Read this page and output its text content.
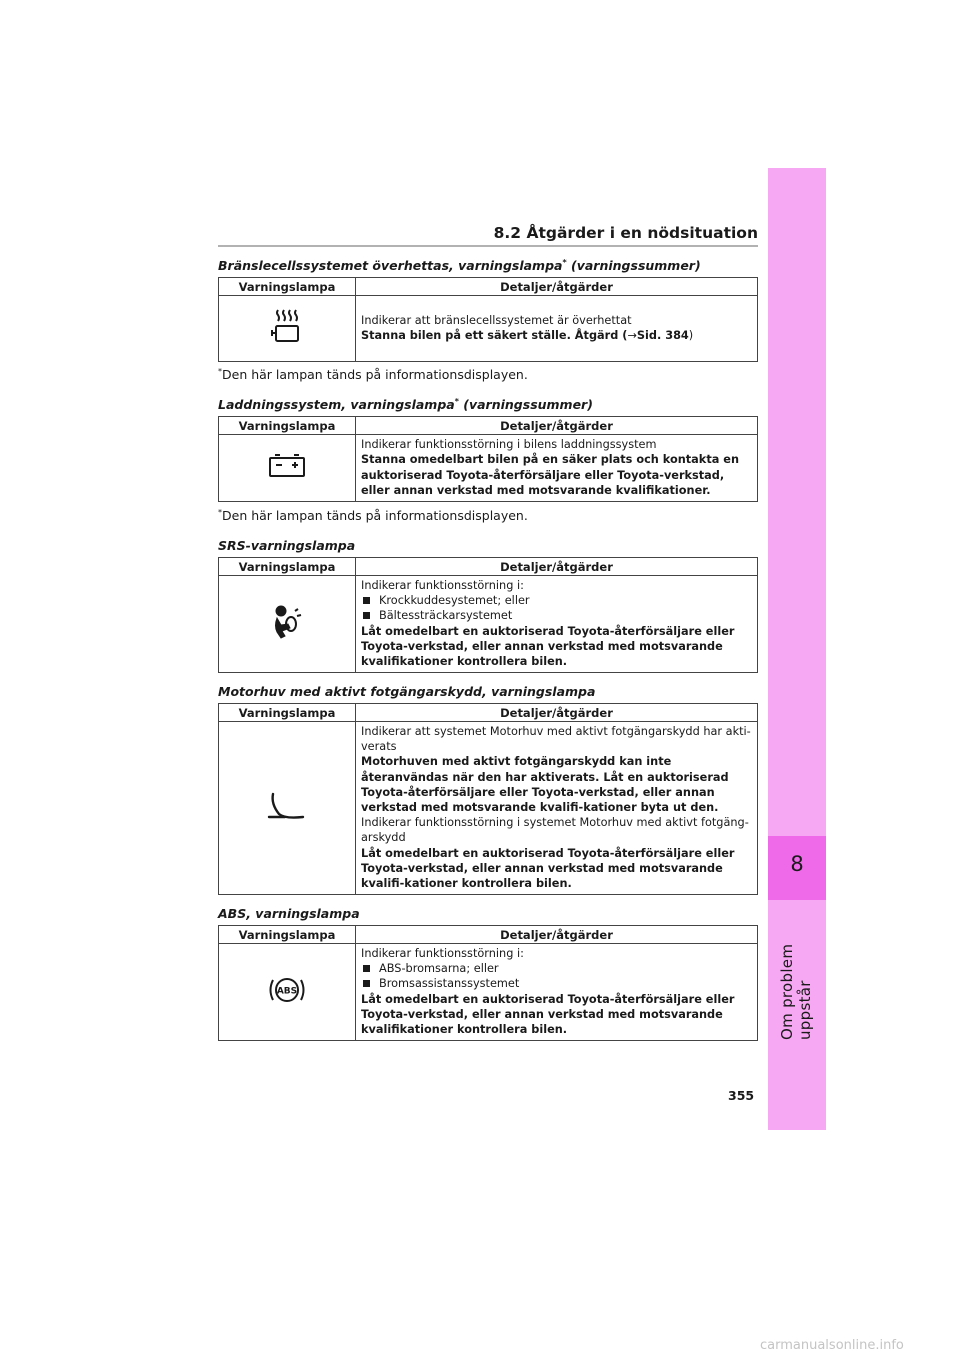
8
Om problem uppstår
8.2 Åtgärder i en nödsituation
Bränslecellssystemet överhettas, varningslampa* (varningssummer)
Varningslampa	Detaljer/åtgärder
	Indikerar att bränslecellssystemet är överhettat
Stanna bilen på ett säkert ställe. Åtgärd (→Sid. 384)
*Den här lampan tänds på informationsdisplayen.
Laddningssystem, varningslampa* (varningssummer)
Varningslampa	Detaljer/åtgärder
	Indikerar funktionsstörning i bilens laddningssystem
Stanna omedelbart bilen på en säker plats och kontakta en auktoriserad Toyota-återförsäljare eller Toyota-verkstad, eller annan verkstad med motsvarande kvalifikationer.
*Den här lampan tänds på informationsdisplayen.
SRS-varningslampa
Varningslampa	Detaljer/åtgärder
	Indikerar funktionsstörning i:
Krockkuddesystemet; eller
Bältessträckarsystemet
Låt omedelbart en auktoriserad Toyota-återförsäljare eller Toyota-verkstad, eller annan verkstad med motsvarande kvalifikationer kontrollera bilen.
Motorhuv med aktivt fotgängarskydd, varningslampa
Varningslampa	Detaljer/åtgärder
	Indikerar att systemet Motorhuv med aktivt fotgängarskydd har akti-verats
Motorhuven med aktivt fotgängarskydd kan inte återanvändas när den har aktiverats. Låt en auktoriserad Toyota-återförsäljare eller Toyota-verkstad, eller annan verkstad med motsvarande kvalifi-kationer byta ut den.
Indikerar funktionsstörning i systemet Motorhuv med aktivt fotgäng-arskydd
Låt omedelbart en auktoriserad Toyota-återförsäljare eller Toyota-verkstad, eller annan verkstad med motsvarande kvalifi-kationer kontrollera bilen.
ABS, varningslampa
Varningslampa	Detaljer/åtgärder

ABS	Indikerar funktionsstörning i:
ABS-bromsarna; eller
Bromsassistanssystemet
Låt omedelbart en auktoriserad Toyota-återförsäljare eller Toyota-verkstad, eller annan verkstad med motsvarande kvalifikationer kontrollera bilen.
355
carmanualsonline.info
